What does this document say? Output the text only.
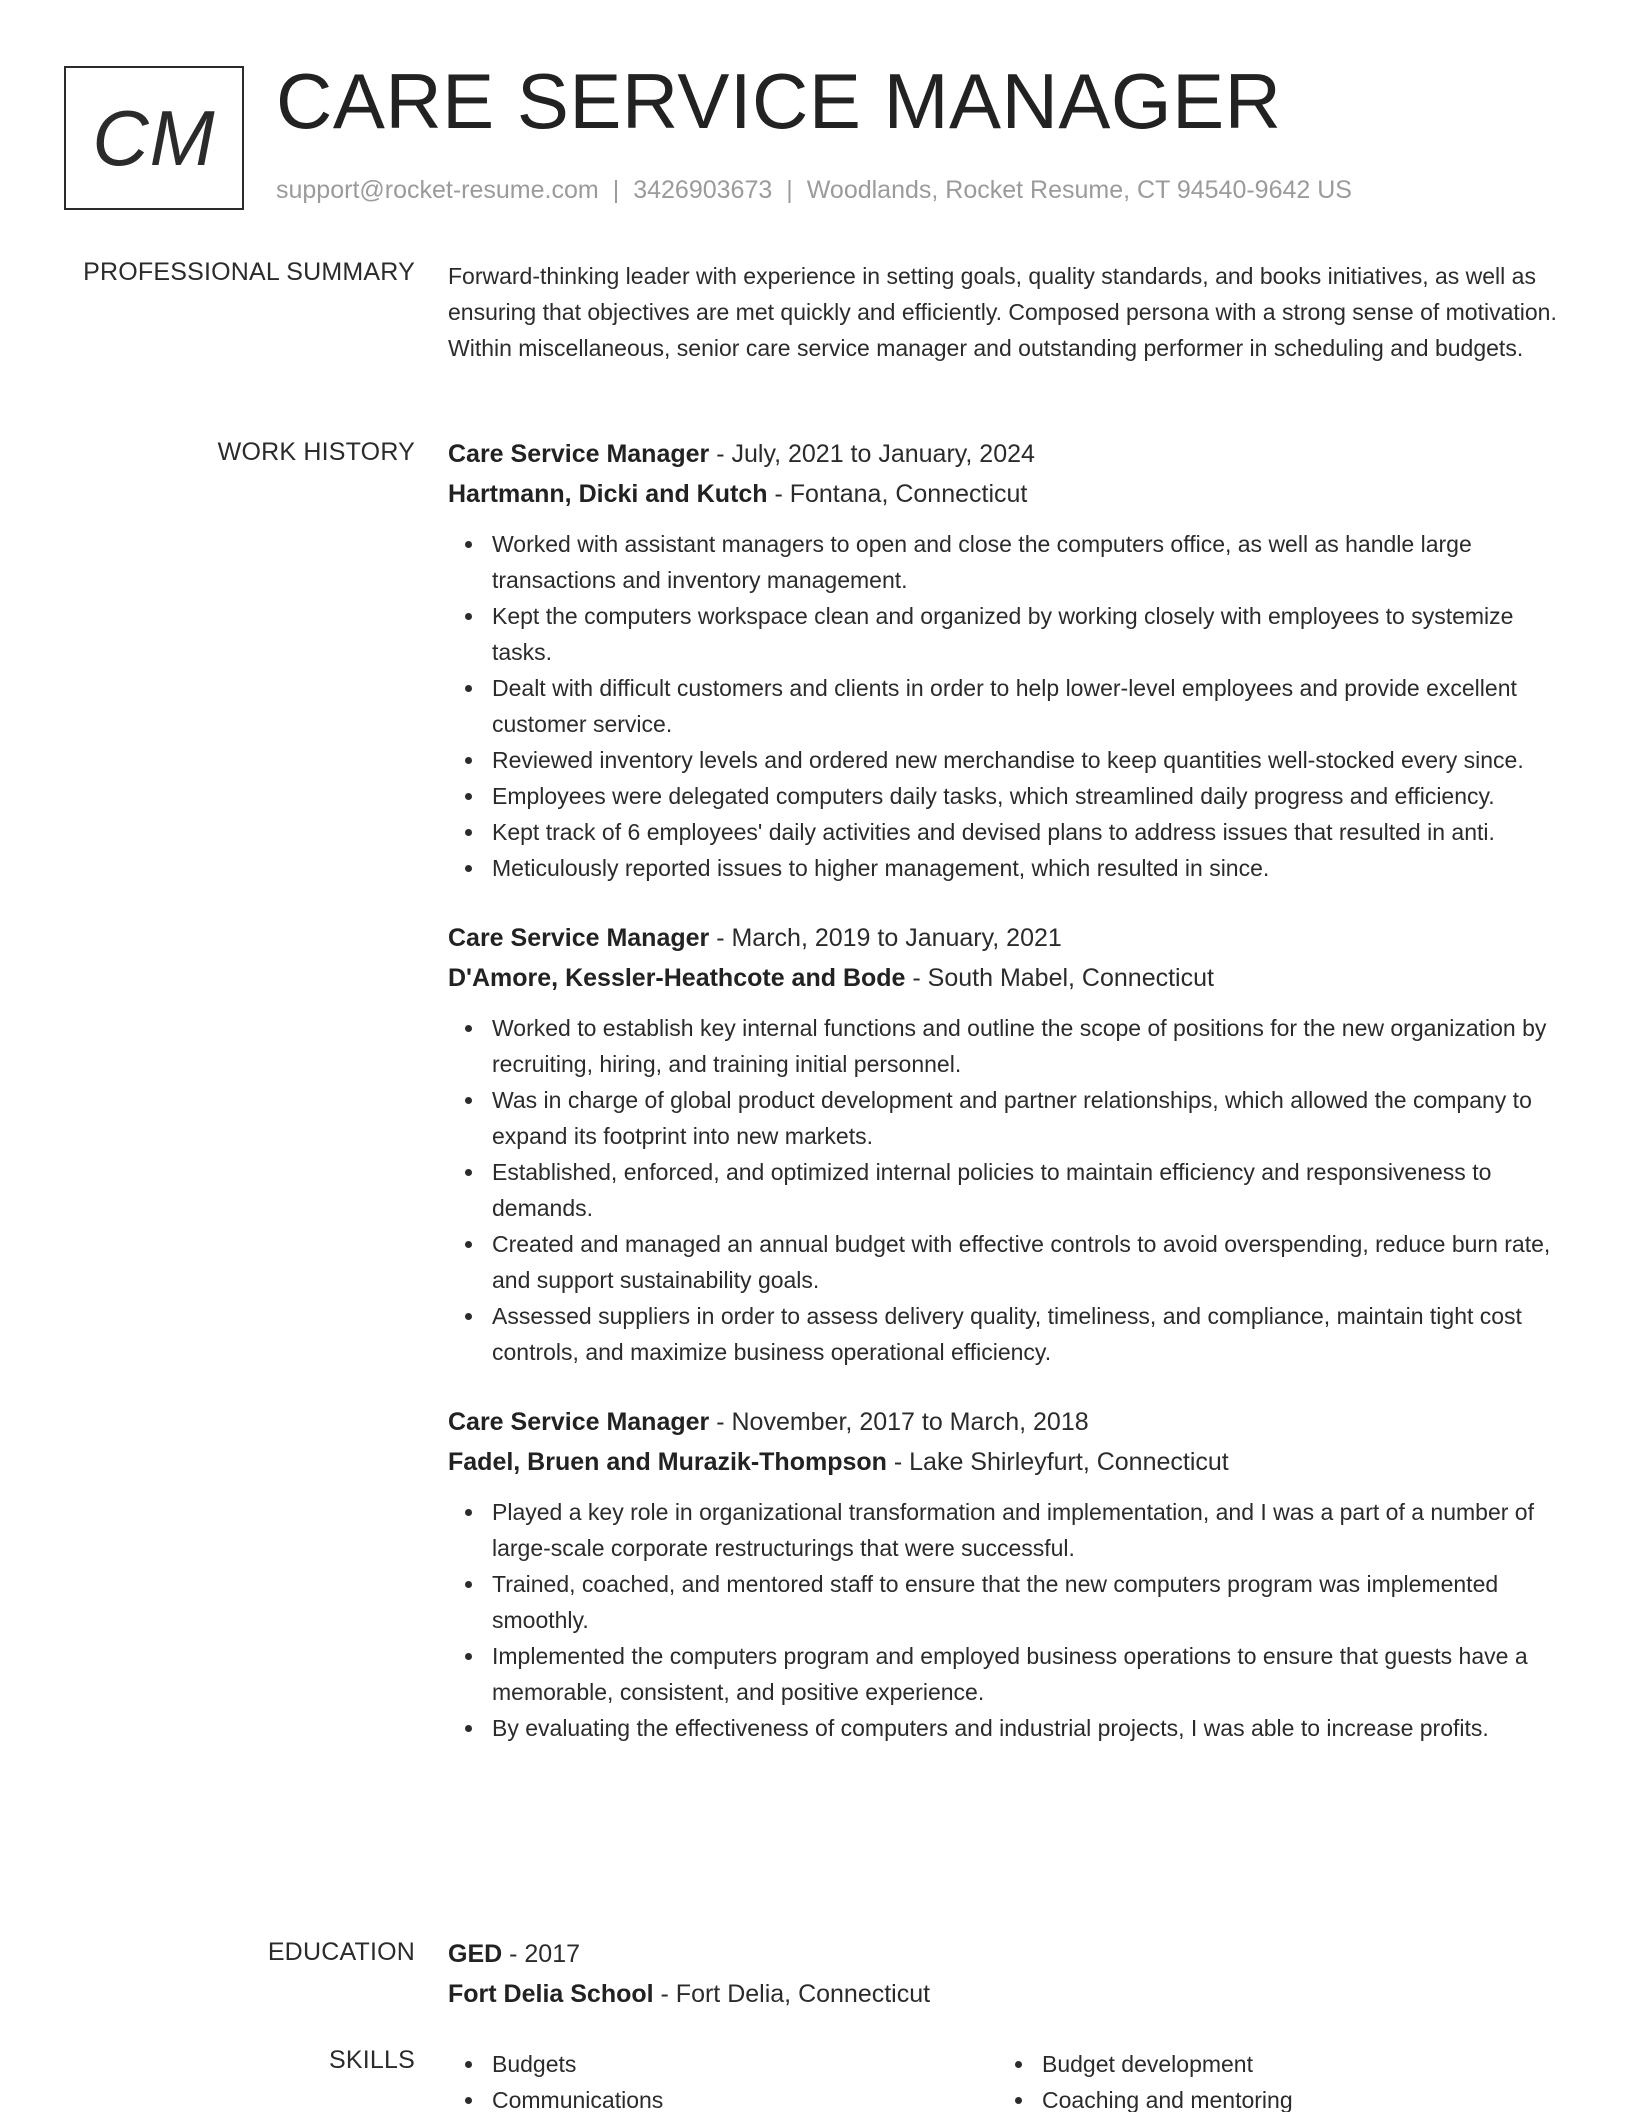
CM CARE SERVICE MANAGER
support@rocket-resume.com | 3426903673 | Woodlands, Rocket Resume, CT 94540-9642 US
PROFESSIONAL SUMMARY Forward-thinking leader with experience in setting goals, quality standards, and books initiatives, as well as ensuring that objectives are met quickly and efficiently. Composed persona with a strong sense of motivation. Within miscellaneous, senior care service manager and outstanding performer in scheduling and budgets.

WORK HISTORY Care Service Manager - July, 2021 to January, 2024
Hartmann, Dicki and Kutch - Fontana, Connecticut
Worked with assistant managers to open and close the computers office, as well as handle large transactions and inventory management.
Kept the computers workspace clean and organized by working closely with employees to systemize tasks.
Dealt with difficult customers and clients in order to help lower-level employees and provide excellent customer service.
Reviewed inventory levels and ordered new merchandise to keep quantities well-stocked every since.
Employees were delegated computers daily tasks, which streamlined daily progress and efficiency.
Kept track of 6 employees' daily activities and devised plans to address issues that resulted in anti.
Meticulously reported issues to higher management, which resulted in since.
Care Service Manager - March, 2019 to January, 2021
D'Amore, Kessler-Heathcote and Bode - South Mabel, Connecticut
Worked to establish key internal functions and outline the scope of positions for the new organization by recruiting, hiring, and training initial personnel.
Was in charge of global product development and partner relationships, which allowed the company to expand its footprint into new markets.
Established, enforced, and optimized internal policies to maintain efficiency and responsiveness to demands.
Created and managed an annual budget with effective controls to avoid overspending, reduce burn rate, and support sustainability goals.
Assessed suppliers in order to assess delivery quality, timeliness, and compliance, maintain tight cost controls, and maximize business operational efficiency.
Care Service Manager - November, 2017 to March, 2018
Fadel, Bruen and Murazik-Thompson - Lake Shirleyfurt, Connecticut
Played a key role in organizational transformation and implementation, and I was a part of a number of large-scale corporate restructurings that were successful.
Trained, coached, and mentored staff to ensure that the new computers program was implemented smoothly.
Implemented the computers program and employed business operations to ensure that guests have a memorable, consistent, and positive experience.
By evaluating the effectiveness of computers and industrial projects, I was able to increase profits.
EDUCATION GED - 2017
Fort Delia School - Fort Delia, Connecticut
SKILLS	Budgets
Communications
Budget development
Coaching and mentoring
